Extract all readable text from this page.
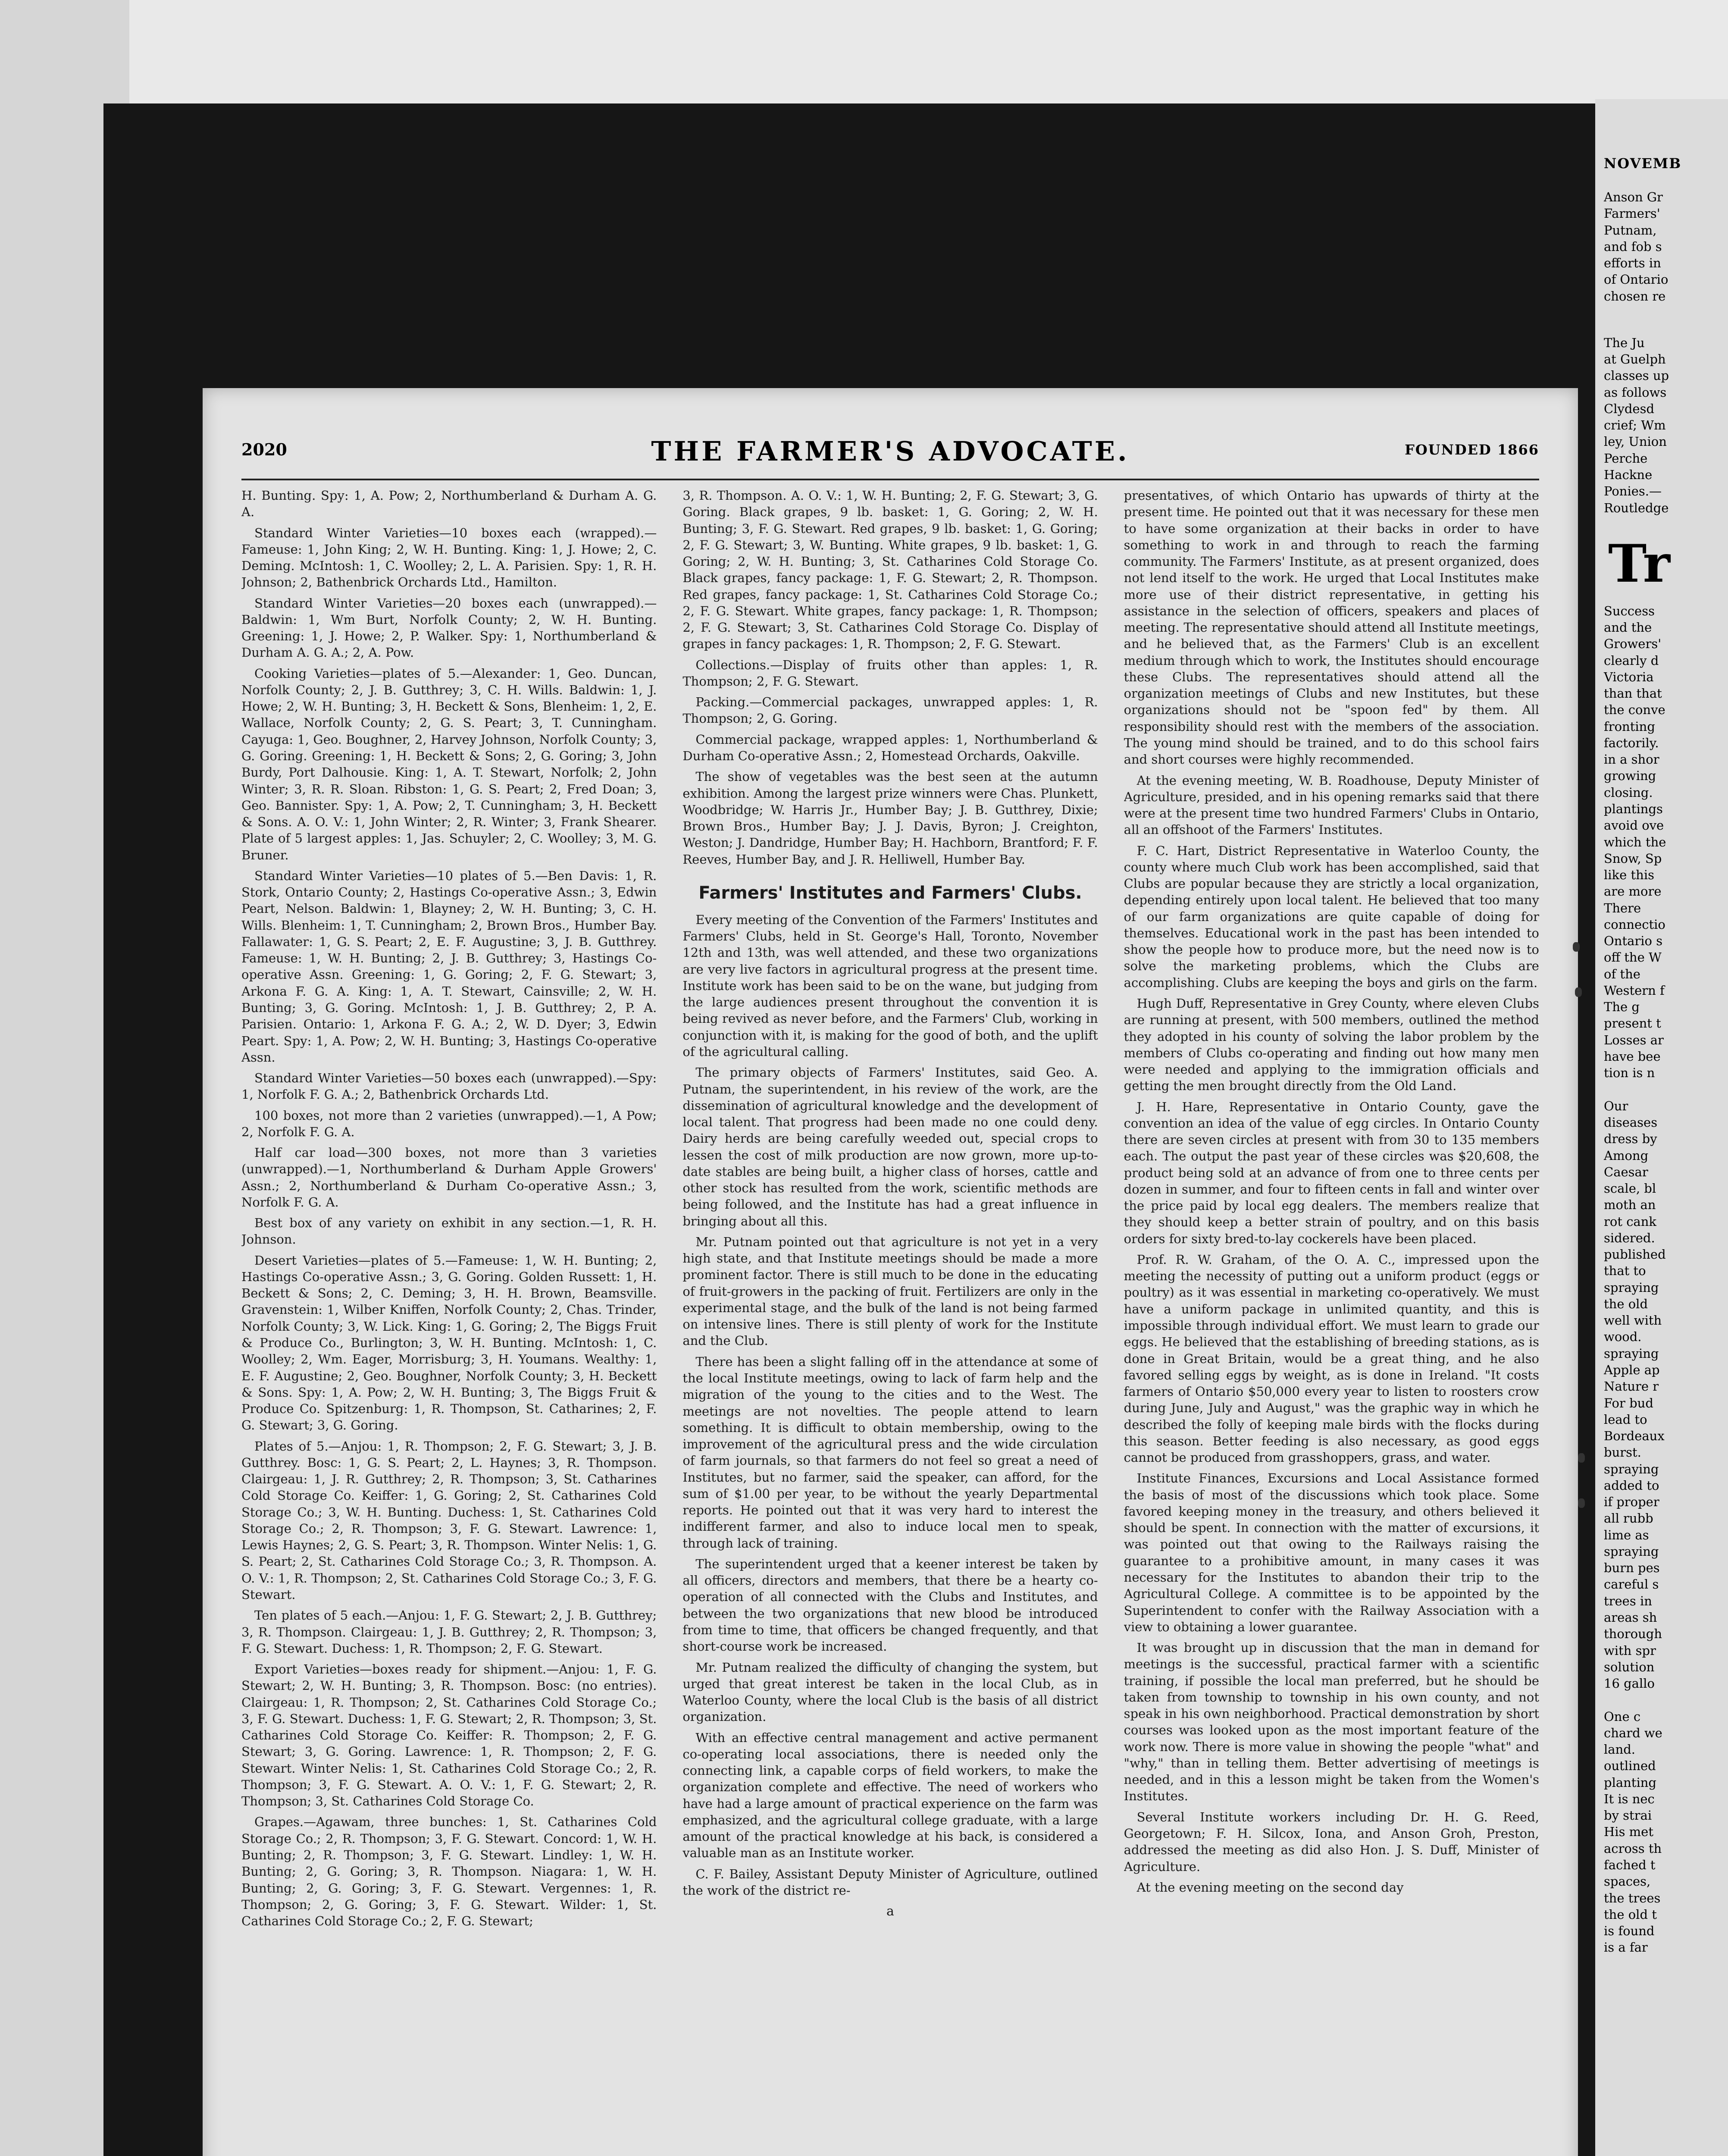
NOVEMB
Anson Gr
Farmers'
Putnam,
and fob s
efforts in
of Ontario
chosen re
The Ju
at Guelph
classes up
as follows
Clydesd
crief; Wm
ley, Union
Perche
Hackne
Ponies.—
Routledge
Tr
Success
and the
Growers'
clearly d
Victoria
than that
the conve
fronting
factorily.
in a shor
growing
closing.
plantings
avoid ove
which the
Snow, Sp
like this
are more
There
connectio
Ontario s
off the W
of the
Western f
The g
present t
Losses ar
have bee
tion is n

Our
diseases
dress by
Among
Caesar
scale, bl
moth an
rot cank
sidered.
published
that to
spraying
the old
well with
wood.
spraying
Apple ap
Nature r
For bud
lead to
Bordeaux
burst.
spraying
added to
if proper
all rubb
lime as
spraying
burn pes
careful s
trees in
areas sh
thorough
with spr
solution
16 gallo

One c
chard we
land.
outlined
planting
It is nec
by strai
His met
across th
fached t
spaces,
the trees
the old t
is found
is a far
2020	THE FARMER'S ADVOCATE.	FOUNDED 1866

H. Bunting. Spy: 1, A. Pow; 2, Northumberland & Durham A. G. A.

Standard Winter Varieties—10 boxes each (wrapped).—Fameuse: 1, John King; 2, W. H. Bunting. King: 1, J. Howe; 2, C. Deming. McIntosh: 1, C. Woolley; 2, L. A. Parisien. Spy: 1, R. H. Johnson; 2, Bathenbrick Orchards Ltd., Hamilton.

Standard Winter Varieties—20 boxes each (unwrapped).—Baldwin: 1, Wm Burt, Norfolk County; 2, W. H. Bunting. Greening: 1, J. Howe; 2, P. Walker. Spy: 1, Northumberland & Durham A. G. A.; 2, A. Pow.

Cooking Varieties—plates of 5.—Alexander: 1, Geo. Duncan, Norfolk County; 2, J. B. Gutthrey; 3, C. H. Wills. Baldwin: 1, J. Howe; 2, W. H. Bunting; 3, H. Beckett & Sons, Blenheim: 1, 2, E. Wallace, Norfolk County; 2, G. S. Peart; 3, T. Cunningham. Cayuga: 1, Geo. Boughner, 2, Harvey Johnson, Norfolk County; 3, G. Goring. Greening: 1, H. Beckett & Sons; 2, G. Goring; 3, John Burdy, Port Dalhousie. King: 1, A. T. Stewart, Norfolk; 2, John Winter; 3, R. R. Sloan. Ribston: 1, G. S. Peart; 2, Fred Doan; 3, Geo. Bannister. Spy: 1, A. Pow; 2, T. Cunningham; 3, H. Beckett & Sons. A. O. V.: 1, John Winter; 2, R. Winter; 3, Frank Shearer. Plate of 5 largest apples: 1, Jas. Schuyler; 2, C. Woolley; 3, M. G. Bruner.

Standard Winter Varieties—10 plates of 5.—Ben Davis: 1, R. Stork, Ontario County; 2, Hastings Co-operative Assn.; 3, Edwin Peart, Nelson. Baldwin: 1, Blayney; 2, W. H. Bunting; 3, C. H. Wills. Blenheim: 1, T. Cunningham; 2, Brown Bros., Humber Bay. Fallawater: 1, G. S. Peart; 2, E. F. Augustine; 3, J. B. Gutthrey. Fameuse: 1, W. H. Bunting; 2, J. B. Gutthrey; 3, Hastings Co-operative Assn. Greening: 1, G. Goring; 2, F. G. Stewart; 3, Arkona F. G. A. King: 1, A. T. Stewart, Cainsville; 2, W. H. Bunting; 3, G. Goring. McIntosh: 1, J. B. Gutthrey; 2, P. A. Parisien. Ontario: 1, Arkona F. G. A.; 2, W. D. Dyer; 3, Edwin Peart. Spy: 1, A. Pow; 2, W. H. Bunting; 3, Hastings Co-operative Assn.

Standard Winter Varieties—50 boxes each (unwrapped).—Spy: 1, Norfolk F. G. A.; 2, Bathenbrick Orchards Ltd.

100 boxes, not more than 2 varieties (unwrapped).—1, A Pow; 2, Norfolk F. G. A.

Half car load—300 boxes, not more than 3 varieties (unwrapped).—1, Northumberland & Durham Apple Growers' Assn.; 2, Northumberland & Durham Co-operative Assn.; 3, Norfolk F. G. A.

Best box of any variety on exhibit in any section.—1, R. H. Johnson.

Desert Varieties—plates of 5.—Fameuse: 1, W. H. Bunting; 2, Hastings Co-operative Assn.; 3, G. Goring. Golden Russett: 1, H. Beckett & Sons; 2, C. Deming; 3, H. H. Brown, Beamsville. Gravenstein: 1, Wilber Kniffen, Norfolk County; 2, Chas. Trinder, Norfolk County; 3, W. Lick. King: 1, G. Goring; 2, The Biggs Fruit & Produce Co., Burlington; 3, W. H. Bunting. McIntosh: 1, C. Woolley; 2, Wm. Eager, Morrisburg; 3, H. Youmans. Wealthy: 1, E. F. Augustine; 2, Geo. Boughner, Norfolk County; 3, H. Beckett & Sons. Spy: 1, A. Pow; 2, W. H. Bunting; 3, The Biggs Fruit & Produce Co. Spitzenburg: 1, R. Thompson, St. Catharines; 2, F. G. Stewart; 3, G. Goring.

Plates of 5.—Anjou: 1, R. Thompson; 2, F. G. Stewart; 3, J. B. Gutthrey. Bosc: 1, G. S. Peart; 2, L. Haynes; 3, R. Thompson. Clairgeau: 1, J. R. Gutthrey; 2, R. Thompson; 3, St. Catharines Cold Storage Co. Keiffer: 1, G. Goring; 2, St. Catharines Cold Storage Co.; 3, W. H. Bunting. Duchess: 1, St. Catharines Cold Storage Co.; 2, R. Thompson; 3, F. G. Stewart. Lawrence: 1, Lewis Haynes; 2, G. S. Peart; 3, R. Thompson. Winter Nelis: 1, G. S. Peart; 2, St. Catharines Cold Storage Co.; 3, R. Thompson. A. O. V.: 1, R. Thompson; 2, St. Catharines Cold Storage Co.; 3, F. G. Stewart.

Ten plates of 5 each.—Anjou: 1, F. G. Stewart; 2, J. B. Gutthrey; 3, R. Thompson. Clairgeau: 1, J. B. Gutthrey; 2, R. Thompson; 3, F. G. Stewart. Duchess: 1, R. Thompson; 2, F. G. Stewart.

Export Varieties—boxes ready for shipment.—Anjou: 1, F. G. Stewart; 2, W. H. Bunting; 3, R. Thompson. Bosc: (no entries). Clairgeau: 1, R. Thompson; 2, St. Catharines Cold Storage Co.; 3, F. G. Stewart. Duchess: 1, F. G. Stewart; 2, R. Thompson; 3, St. Catharines Cold Storage Co. Keiffer: R. Thompson; 2, F. G. Stewart; 3, G. Goring. Lawrence: 1, R. Thompson; 2, F. G. Stewart. Winter Nelis: 1, St. Catharines Cold Storage Co.; 2, R. Thompson; 3, F. G. Stewart. A. O. V.: 1, F. G. Stewart; 2, R. Thompson; 3, St. Catharines Cold Storage Co.

Grapes.—Agawam, three bunches: 1, St. Catharines Cold Storage Co.; 2, R. Thompson; 3, F. G. Stewart. Concord: 1, W. H. Bunting; 2, R. Thompson; 3, F. G. Stewart. Lindley: 1, W. H. Bunting; 2, G. Goring; 3, R. Thompson. Niagara: 1, W. H. Bunting; 2, G. Goring; 3, F. G. Stewart. Vergennes: 1, R. Thompson; 2, G. Goring; 3, F. G. Stewart. Wilder: 1, St. Catharines Cold Storage Co.; 2, F. G. Stewart;

3, R. Thompson. A. O. V.: 1, W. H. Bunting; 2, F. G. Stewart; 3, G. Goring. Black grapes, 9 lb. basket: 1, G. Goring; 2, W. H. Bunting; 3, F. G. Stewart. Red grapes, 9 lb. basket: 1, G. Goring; 2, F. G. Stewart; 3, W. Bunting. White grapes, 9 lb. basket: 1, G. Goring; 2, W. H. Bunting; 3, St. Catharines Cold Storage Co. Black grapes, fancy package: 1, F. G. Stewart; 2, R. Thompson. Red grapes, fancy package: 1, St. Catharines Cold Storage Co.; 2, F. G. Stewart. White grapes, fancy package: 1, R. Thompson; 2, F. G. Stewart; 3, St. Catharines Cold Storage Co. Display of grapes in fancy packages: 1, R. Thompson; 2, F. G. Stewart.

Collections.—Display of fruits other than apples: 1, R. Thompson; 2, F. G. Stewart.

Packing.—Commercial packages, unwrapped apples: 1, R. Thompson; 2, G. Goring.

Commercial package, wrapped apples: 1, Northumberland & Durham Co-operative Assn.; 2, Homestead Orchards, Oakville.

The show of vegetables was the best seen at the autumn exhibition. Among the largest prize winners were Chas. Plunkett, Woodbridge; W. Harris Jr., Humber Bay; J. B. Gutthrey, Dixie; Brown Bros., Humber Bay; J. J. Davis, Byron; J. Creighton, Weston; J. Dandridge, Humber Bay; H. Hachborn, Brantford; F. F. Reeves, Humber Bay, and J. R. Helliwell, Humber Bay.

Farmers' Institutes and Farmers' Clubs.

Every meeting of the Convention of the Farmers' Institutes and Farmers' Clubs, held in St. George's Hall, Toronto, November 12th and 13th, was well attended, and these two organizations are very live factors in agricultural progress at the present time. Institute work has been said to be on the wane, but judging from the large audiences present throughout the convention it is being revived as never before, and the Farmers' Club, working in conjunction with it, is making for the good of both, and the uplift of the agricultural calling.

The primary objects of Farmers' Institutes, said Geo. A. Putnam, the superintendent, in his review of the work, are the dissemination of agricultural knowledge and the development of local talent. That progress had been made no one could deny. Dairy herds are being carefully weeded out, special crops to lessen the cost of milk production are now grown, more up-to-date stables are being built, a higher class of horses, cattle and other stock has resulted from the work, scientific methods are being followed, and the Institute has had a great influence in bringing about all this.

Mr. Putnam pointed out that agriculture is not yet in a very high state, and that Institute meetings should be made a more prominent factor. There is still much to be done in the educating of fruit-growers in the packing of fruit. Fertilizers are only in the experimental stage, and the bulk of the land is not being farmed on intensive lines. There is still plenty of work for the Institute and the Club.

There has been a slight falling off in the attendance at some of the local Institute meetings, owing to lack of farm help and the migration of the young to the cities and to the West. The meetings are not novelties. The people attend to learn something. It is difficult to obtain membership, owing to the improvement of the agricultural press and the wide circulation of farm journals, so that farmers do not feel so great a need of Institutes, but no farmer, said the speaker, can afford, for the sum of $1.00 per year, to be without the yearly Departmental reports. He pointed out that it was very hard to interest the indifferent farmer, and also to induce local men to speak, through lack of training.

The superintendent urged that a keener interest be taken by all officers, directors and members, that there be a hearty co-operation of all connected with the Clubs and Institutes, and between the two organizations that new blood be introduced from time to time, that officers be changed frequently, and that short-course work be increased.

Mr. Putnam realized the difficulty of changing the system, but urged that great interest be taken in the local Club, as in Waterloo County, where the local Club is the basis of all district organization.

With an effective central management and active permanent co-operating local associations, there is needed only the connecting link, a capable corps of field workers, to make the organization complete and effective. The need of workers who have had a large amount of practical experience on the farm was emphasized, and the agricultural college graduate, with a large amount of the practical knowledge at his back, is considered a valuable man as an Institute worker.

C. F. Bailey, Assistant Deputy Minister of Agriculture, outlined the work of the district re-

a

presentatives, of which Ontario has upwards of thirty at the present time. He pointed out that it was necessary for these men to have some organization at their backs in order to have something to work in and through to reach the farming community. The Farmers' Institute, as at present organized, does not lend itself to the work. He urged that Local Institutes make more use of their district representative, in getting his assistance in the selection of officers, speakers and places of meeting. The representative should attend all Institute meetings, and he believed that, as the Farmers' Club is an excellent medium through which to work, the Institutes should encourage these Clubs. The representatives should attend all the organization meetings of Clubs and new Institutes, but these organizations should not be "spoon fed" by them. All responsibility should rest with the members of the association. The young mind should be trained, and to do this school fairs and short courses were highly recommended.

At the evening meeting, W. B. Roadhouse, Deputy Minister of Agriculture, presided, and in his opening remarks said that there were at the present time two hundred Farmers' Clubs in Ontario, all an offshoot of the Farmers' Institutes.

F. C. Hart, District Representative in Waterloo County, the county where much Club work has been accomplished, said that Clubs are popular because they are strictly a local organization, depending entirely upon local talent. He believed that too many of our farm organizations are quite capable of doing for themselves. Educational work in the past has been intended to show the people how to produce more, but the need now is to solve the marketing problems, which the Clubs are accomplishing. Clubs are keeping the boys and girls on the farm.

Hugh Duff, Representative in Grey County, where eleven Clubs are running at present, with 500 members, outlined the method they adopted in his county of solving the labor problem by the members of Clubs co-operating and finding out how many men were needed and applying to the immigration officials and getting the men brought directly from the Old Land.

J. H. Hare, Representative in Ontario County, gave the convention an idea of the value of egg circles. In Ontario County there are seven circles at present with from 30 to 135 members each. The output the past year of these circles was $20,608, the product being sold at an advance of from one to three cents per dozen in summer, and four to fifteen cents in fall and winter over the price paid by local egg dealers. The members realize that they should keep a better strain of poultry, and on this basis orders for sixty bred-to-lay cockerels have been placed.

Prof. R. W. Graham, of the O. A. C., impressed upon the meeting the necessity of putting out a uniform product (eggs or poultry) as it was essential in marketing co-operatively. We must have a uniform package in unlimited quantity, and this is impossible through individual effort. We must learn to grade our eggs. He believed that the establishing of breeding stations, as is done in Great Britain, would be a great thing, and he also favored selling eggs by weight, as is done in Ireland. "It costs farmers of Ontario $50,000 every year to listen to roosters crow during June, July and August," was the graphic way in which he described the folly of keeping male birds with the flocks during this season. Better feeding is also necessary, as good eggs cannot be produced from grasshoppers, grass, and water.

Institute Finances, Excursions and Local Assistance formed the basis of most of the discussions which took place. Some favored keeping money in the treasury, and others believed it should be spent. In connection with the matter of excursions, it was pointed out that owing to the Railways raising the guarantee to a prohibitive amount, in many cases it was necessary for the Institutes to abandon their trip to the Agricultural College. A committee is to be appointed by the Superintendent to confer with the Railway Association with a view to obtaining a lower guarantee.

It was brought up in discussion that the man in demand for meetings is the successful, practical farmer with a scientific training, if possible the local man preferred, but he should be taken from township to township in his own county, and not speak in his own neighborhood. Practical demonstration by short courses was looked upon as the most important feature of the work now. There is more value in showing the people "what" and "why," than in telling them. Better advertising of meetings is needed, and in this a lesson might be taken from the Women's Institutes.

Several Institute workers including Dr. H. G. Reed, Georgetown; F. H. Silcox, Iona, and Anson Groh, Preston, addressed the meeting as did also Hon. J. S. Duff, Minister of Agriculture.

At the evening meeting on the second day
